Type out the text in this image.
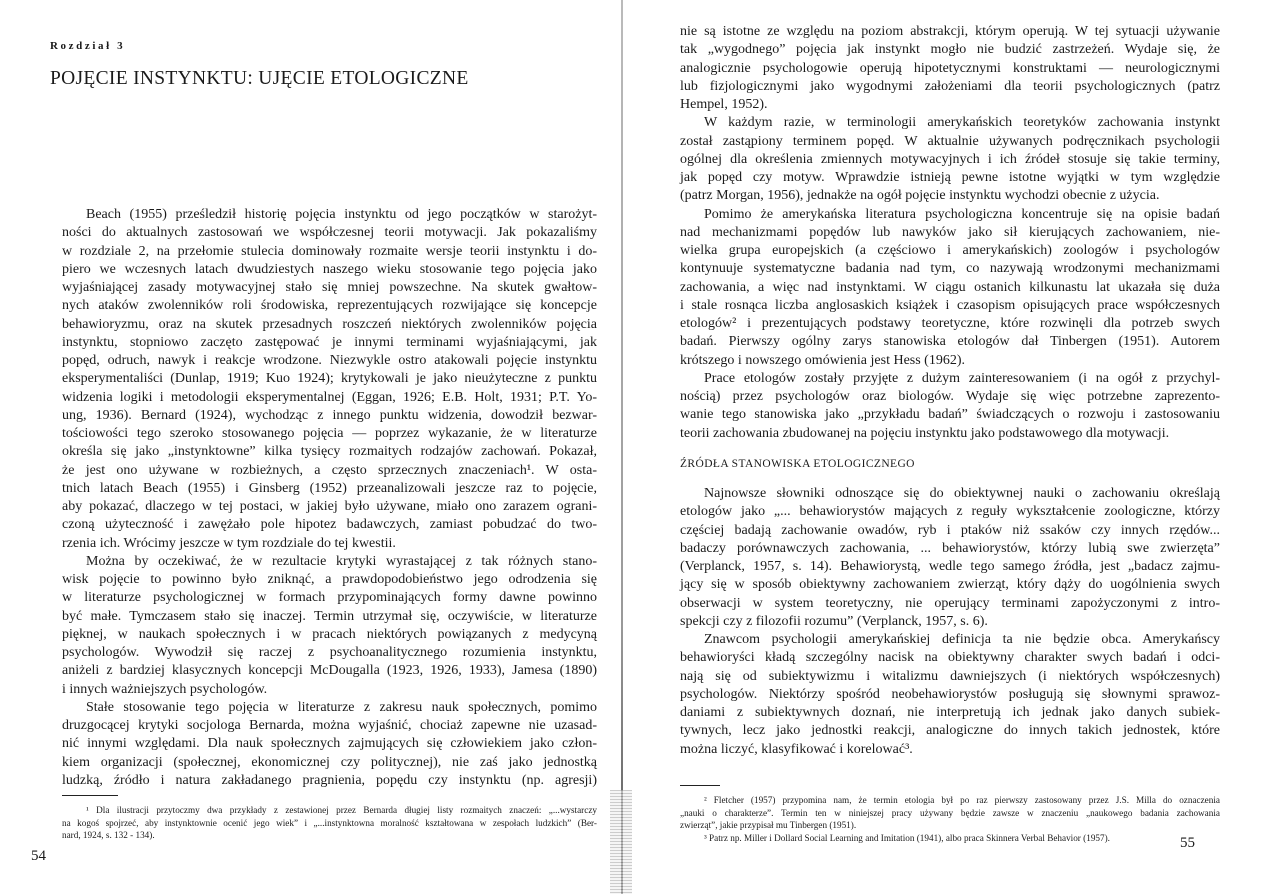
Rozdział 3
POJĘCIE INSTYNKTU: UJĘCIE ETOLOGICZNE
Beach (1955) prześledził historię pojęcia instynktu od jego początków w starożyt-
ności do aktualnych zastosowań we współczesnej teorii motywacji. Jak pokazaliśmy
w rozdziale 2, na przełomie stulecia dominowały rozmaite wersje teorii instynktu i do-
piero we wczesnych latach dwudziestych naszego wieku stosowanie tego pojęcia jako
wyjaśniającej zasady motywacyjnej stało się mniej powszechne. Na skutek gwałtow-
nych ataków zwolenników roli środowiska, reprezentujących rozwijające się koncepcje
behawioryzmu, oraz na skutek przesadnych roszczeń niektórych zwolenników pojęcia
instynktu, stopniowo zaczęto zastępować je innymi terminami wyjaśniającymi, jak
popęd, odruch, nawyk i reakcje wrodzone. Niezwykle ostro atakowali pojęcie instynktu
eksperymentaliści (Dunlap, 1919; Kuo 1924); krytykowali je jako nieużyteczne z punktu
widzenia logiki i metodologii eksperymentalnej (Eggan, 1926; E.B. Holt, 1931; P.T. Yo-
ung, 1936). Bernard (1924), wychodząc z innego punktu widzenia, dowodził bezwar-
tościowości tego szeroko stosowanego pojęcia — poprzez wykazanie, że w literaturze
określa się jako „instynktowne” kilka tysięcy rozmaitych rodzajów zachowań. Pokazał,
że jest ono używane w rozbieżnych, a często sprzecznych znaczeniach¹. W osta-
tnich latach Beach (1955) i Ginsberg (1952) przeanalizowali jeszcze raz to pojęcie,
aby pokazać, dlaczego w tej postaci, w jakiej było używane, miało ono zarazem ograni-
czoną użyteczność i zawężało pole hipotez badawczych, zamiast pobudzać do two-
rzenia ich. Wrócimy jeszcze w tym rozdziale do tej kwestii.
Można by oczekiwać, że w rezultacie krytyki wyrastającej z tak różnych stano-
wisk pojęcie to powinno było zniknąć, a prawdopodobieństwo jego odrodzenia się
w literaturze psychologicznej w formach przypominających formy dawne powinno
być małe. Tymczasem stało się inaczej. Termin utrzymał się, oczywiście, w literaturze
pięknej, w naukach społecznych i w pracach niektórych powiązanych z medycyną
psychologów. Wywodził się raczej z psychoanalitycznego rozumienia instynktu,
aniżeli z bardziej klasycznych koncepcji McDougalla (1923, 1926, 1933), Jamesa (1890)
i innych ważniejszych psychologów.
Stałe stosowanie tego pojęcia w literaturze z zakresu nauk społecznych, pomimo
druzgocącej krytyki socjologa Bernarda, można wyjaśnić, chociaż zapewne nie uzasad-
nić innymi względami. Dla nauk społecznych zajmujących się człowiekiem jako człon-
kiem organizacji (społecznej, ekonomicznej czy politycznej), nie zaś jako jednostką
ludzką, źródło i natura zakładanego pragnienia, popędu czy instynktu (np. agresji)
¹ Dla ilustracji przytoczmy dwa przykłady z zestawionej przez Bernarda długiej listy rozmaitych znaczeń: „...wystarczy
na kogoś spojrzeć, aby instynktownie ocenić jego wiek” i „...instynktowna moralność kształtowana w zespołach ludzkich” (Ber-
nard, 1924, s. 132 - 134).
54
nie są istotne ze względu na poziom abstrakcji, którym operują. W tej sytuacji używanie
tak „wygodnego” pojęcia jak instynkt mogło nie budzić zastrzeżeń. Wydaje się, że
analogicznie psychologowie operują hipotetycznymi konstruktami — neurologicznymi
lub fizjologicznymi jako wygodnymi założeniami dla teorii psychologicznych (patrz
Hempel, 1952).
W każdym razie, w terminologii amerykańskich teoretyków zachowania instynkt
został zastąpiony terminem popęd. W aktualnie używanych podręcznikach psychologii
ogólnej dla określenia zmiennych motywacyjnych i ich źródeł stosuje się takie terminy,
jak popęd czy motyw. Wprawdzie istnieją pewne istotne wyjątki w tym względzie
(patrz Morgan, 1956), jednakże na ogół pojęcie instynktu wychodzi obecnie z użycia.
Pomimo że amerykańska literatura psychologiczna koncentruje się na opisie badań
nad mechanizmami popędów lub nawyków jako sił kierujących zachowaniem, nie-
wielka grupa europejskich (a częściowo i amerykańskich) zoologów i psychologów
kontynuuje systematyczne badania nad tym, co nazywają wrodzonymi mechanizmami
zachowania, a więc nad instynktami. W ciągu ostanich kilkunastu lat ukazała się duża
i stale rosnąca liczba anglosaskich książek i czasopism opisujących prace współczesnych
etologów² i prezentujących podstawy teoretyczne, które rozwinęli dla potrzeb swych
badań. Pierwszy ogólny zarys stanowiska etologów dał Tinbergen (1951). Autorem
krótszego i nowszego omówienia jest Hess (1962).
Prace etologów zostały przyjęte z dużym zainteresowaniem (i na ogół z przychyl-
nością) przez psychologów oraz biologów. Wydaje się więc potrzebne zaprezento-
wanie tego stanowiska jako „przykładu badań” świadczących o rozwoju i zastosowaniu
teorii zachowania zbudowanej na pojęciu instynktu jako podstawowego dla motywacji.
ŹRÓDŁA STANOWISKA ETOLOGICZNEGO
Najnowsze słowniki odnoszące się do obiektywnej nauki o zachowaniu określają
etologów jako „... behawiorystów mających z reguły wykształcenie zoologiczne, którzy
częściej badają zachowanie owadów, ryb i ptaków niż ssaków czy innych rzędów...
badaczy porównawczych zachowania, ... behawiorystów, którzy lubią swe zwierzęta”
(Verplanck, 1957, s. 14). Behawiorystą, wedle tego samego źródła, jest „badacz zajmu-
jący się w sposób obiektywny zachowaniem zwierząt, który dąży do uogólnienia swych
obserwacji w system teoretyczny, nie operujący terminami zapożyczonymi z intro-
spekcji czy z filozofii rozumu” (Verplanck, 1957, s. 6).
Znawcom psychologii amerykańskiej definicja ta nie będzie obca. Amerykańscy
behawioryści kładą szczególny nacisk na obiektywny charakter swych badań i odci-
nają się od subiektywizmu i witalizmu dawniejszych (i niektórych współczesnych)
psychologów. Niektórzy spośród neobehawiorystów posługują się słownymi sprawoz-
daniami z subiektywnych doznań, nie interpretują ich jednak jako danych subiek-
tywnych, lecz jako jednostki reakcji, analogiczne do innych takich jednostek, które
można liczyć, klasyfikować i korelować³.
² Fletcher (1957) przypomina nam, że termin etologia był po raz pierwszy zastosowany przez J.S. Milla do oznaczenia
„nauki o charakterze”. Termin ten w niniejszej pracy używany będzie zawsze w znaczeniu „naukowego badania zachowania
zwierząt”, jakie przypisał mu Tinbergen (1951).
³ Patrz np. Miller i Dollard Social Learning and Imitation (1941), albo praca Skinnera Verbal Behavior (1957).	55
